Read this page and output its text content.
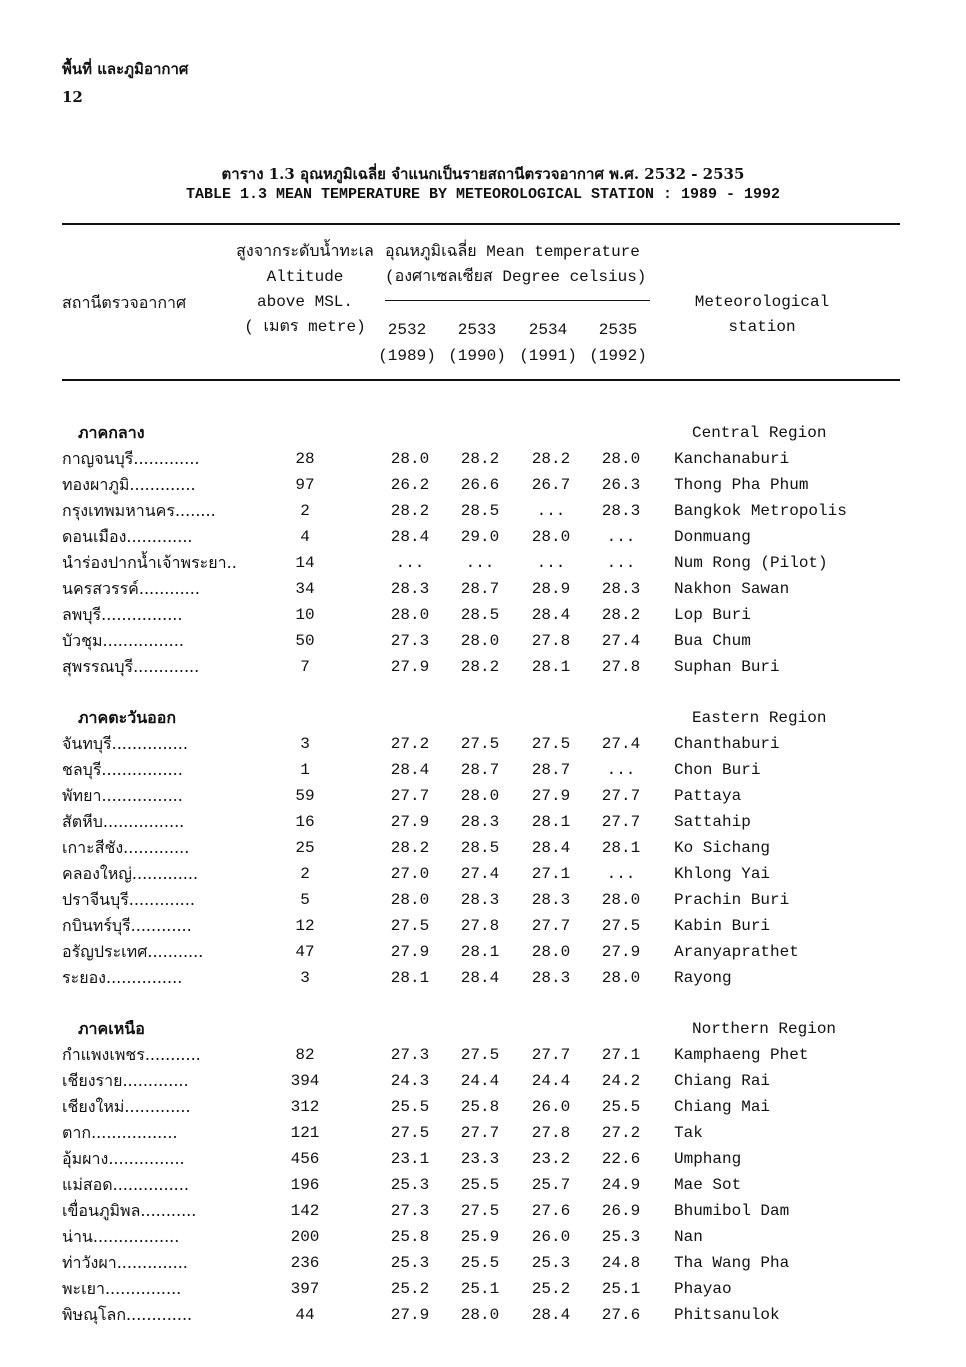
พื้นที่ และภูมิอากาศ
12
ตาราง 1.3 อุณหภูมิเฉลี่ย จำแนกเป็นรายสถานีตรวจอากาศ พ.ศ. 2532 - 2535
TABLE 1.3 MEAN TEMPERATURE BY METEOROLOGICAL STATION : 1989 - 1992
สถานีตรวจอากาศ
สูงจากระดับน้ำทะเล
Altitude
above MSL.
( เมตร metre)
อุณหภูมิเฉลี่ย Mean temperature
(องศาเซลเซียส Degree celsius)
2532
(1989)
2533
(1990)
2534
(1991)
2535
(1992)
Meteorological
station
ภาคกลาง	Central Region
กาญจนบุรี.............	28	28.0	28.2	28.2	28.0	Kanchanaburi
ทองผาภูมิ.............	97	26.2	26.6	26.7	26.3	Thong Pha Phum
กรุงเทพมหานคร........	2	28.2	28.5	...	28.3	Bangkok Metropolis
ดอนเมือง.............	4	28.4	29.0	28.0	...	Donmuang
นำร่องปากน้ำเจ้าพระยา..	14	...	...	...	...	Num Rong (Pilot)
นครสวรรค์............	34	28.3	28.7	28.9	28.3	Nakhon Sawan
ลพบุรี................	10	28.0	28.5	28.4	28.2	Lop Buri
บัวชุม................	50	27.3	28.0	27.8	27.4	Bua Chum
สุพรรณบุรี.............	7	27.9	28.2	28.1	27.8	Suphan Buri
ภาคตะวันออก	Eastern Region
จันทบุรี...............	3	27.2	27.5	27.5	27.4	Chanthaburi
ชลบุรี................	1	28.4	28.7	28.7	...	Chon Buri
พัทยา................	59	27.7	28.0	27.9	27.7	Pattaya
สัตหีบ................	16	27.9	28.3	28.1	27.7	Sattahip
เกาะสีชัง.............	25	28.2	28.5	28.4	28.1	Ko Sichang
คลองใหญ่.............	2	27.0	27.4	27.1	...	Khlong Yai
ปราจีนบุรี.............	5	28.0	28.3	28.3	28.0	Prachin Buri
กบินทร์บุรี............	12	27.5	27.8	27.7	27.5	Kabin Buri
อรัญประเทศ...........	47	27.9	28.1	28.0	27.9	Aranyaprathet
ระยอง...............	3	28.1	28.4	28.3	28.0	Rayong
ภาคเหนือ	Northern Region
กำแพงเพชร...........	82	27.3	27.5	27.7	27.1	Kamphaeng Phet
เชียงราย.............	394	24.3	24.4	24.4	24.2	Chiang Rai
เชียงใหม่.............	312	25.5	25.8	26.0	25.5	Chiang Mai
ตาก.................	121	27.5	27.7	27.8	27.2	Tak
อุ้มผาง...............	456	23.1	23.3	23.2	22.6	Umphang
แม่สอด...............	196	25.3	25.5	25.7	24.9	Mae Sot
เขื่อนภูมิพล...........	142	27.3	27.5	27.6	26.9	Bhumibol Dam
น่าน.................	200	25.8	25.9	26.0	25.3	Nan
ท่าวังผา..............	236	25.3	25.5	25.3	24.8	Tha Wang Pha
พะเยา...............	397	25.2	25.1	25.2	25.1	Phayao
พิษณุโลก.............	44	27.9	28.0	28.4	27.6	Phitsanulok
